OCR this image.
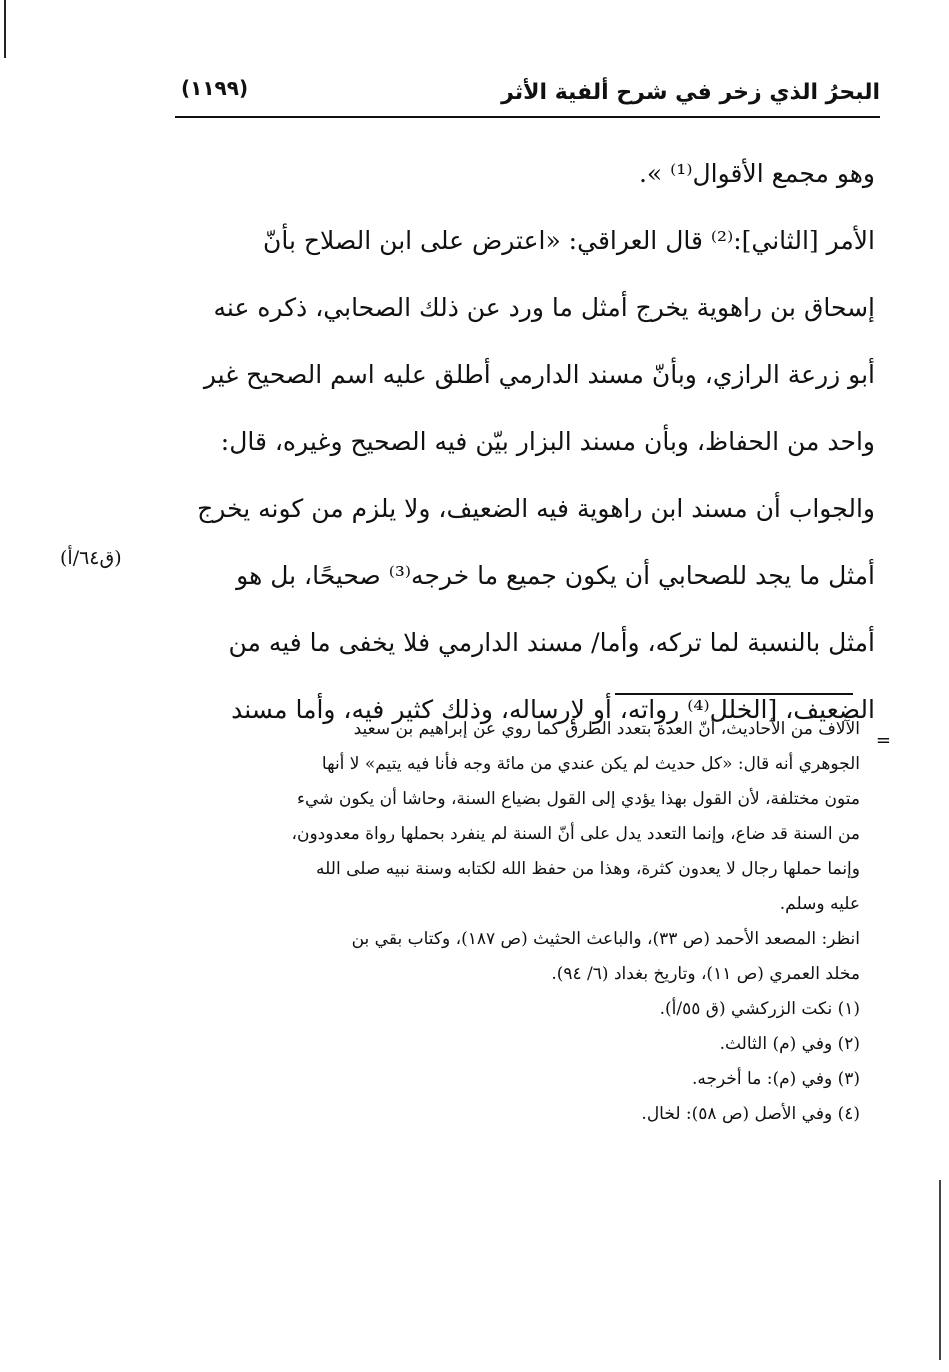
البحرُ الذي زخر في شرح ألفية الأثر
(١١٩٩)
وهو مجمع الأقوال⁽¹⁾ ».
الأمر [الثاني]:⁽²⁾ قال العراقي: «اعترض على ابن الصلاح بأنّ
إسحاق بن راهوية يخرج أمثل ما ورد عن ذلك الصحابي، ذكره عنه
أبو زرعة الرازي، وبأنّ مسند الدارمي أطلق عليه اسم الصحيح غير
واحد من الحفاظ، وبأن مسند البزار بيّن فيه الصحيح وغيره، قال:
والجواب أن مسند ابن راهوية فيه الضعيف، ولا يلزم من كونه يخرج
أمثل ما يجد للصحابي أن يكون جميع ما خرجه⁽³⁾ صحيحًا، بل هو
أمثل بالنسبة لما تركه، وأما/ مسند الدارمي فلا يخفى ما فيه من
الضعيف، [الخلل⁽⁴⁾ رواته، أو لإرساله، وذلك كثير فيه، وأما مسند
(ق٦٤/أ)
=
الآلاف من الأحاديث، أنّ العدة بتعدد الطرق كما روي عن إبراهيم بن سعيد
الجوهري أنه قال: «كل حديث لم يكن عندي من مائة وجه فأنا فيه يتيم» لا أنها
متون مختلفة، لأن القول بهذا يؤدي إلى القول بضياع السنة، وحاشا أن يكون شيء
من السنة قد ضاع، وإنما التعدد يدل على أنّ السنة لم ينفرد بحملها رواة معدودون،
وإنما حملها رجال لا يعدون كثرة، وهذا من حفظ الله لكتابه وسنة نبيه صلى الله
عليه وسلم.
انظر: المصعد الأحمد (ص ٣٣)، والباعث الحثيث (ص ١٨٧)، وكتاب بقي بن
مخلد العمري (ص ١١)، وتاريخ بغداد (٦/ ٩٤).
(١) نكت الزركشي (ق ٥٥/أ).
(٢) وفي (م) الثالث.
(٣) وفي (م): ما أخرجه.
(٤) وفي الأصل (ص ٥٨): لخال.
